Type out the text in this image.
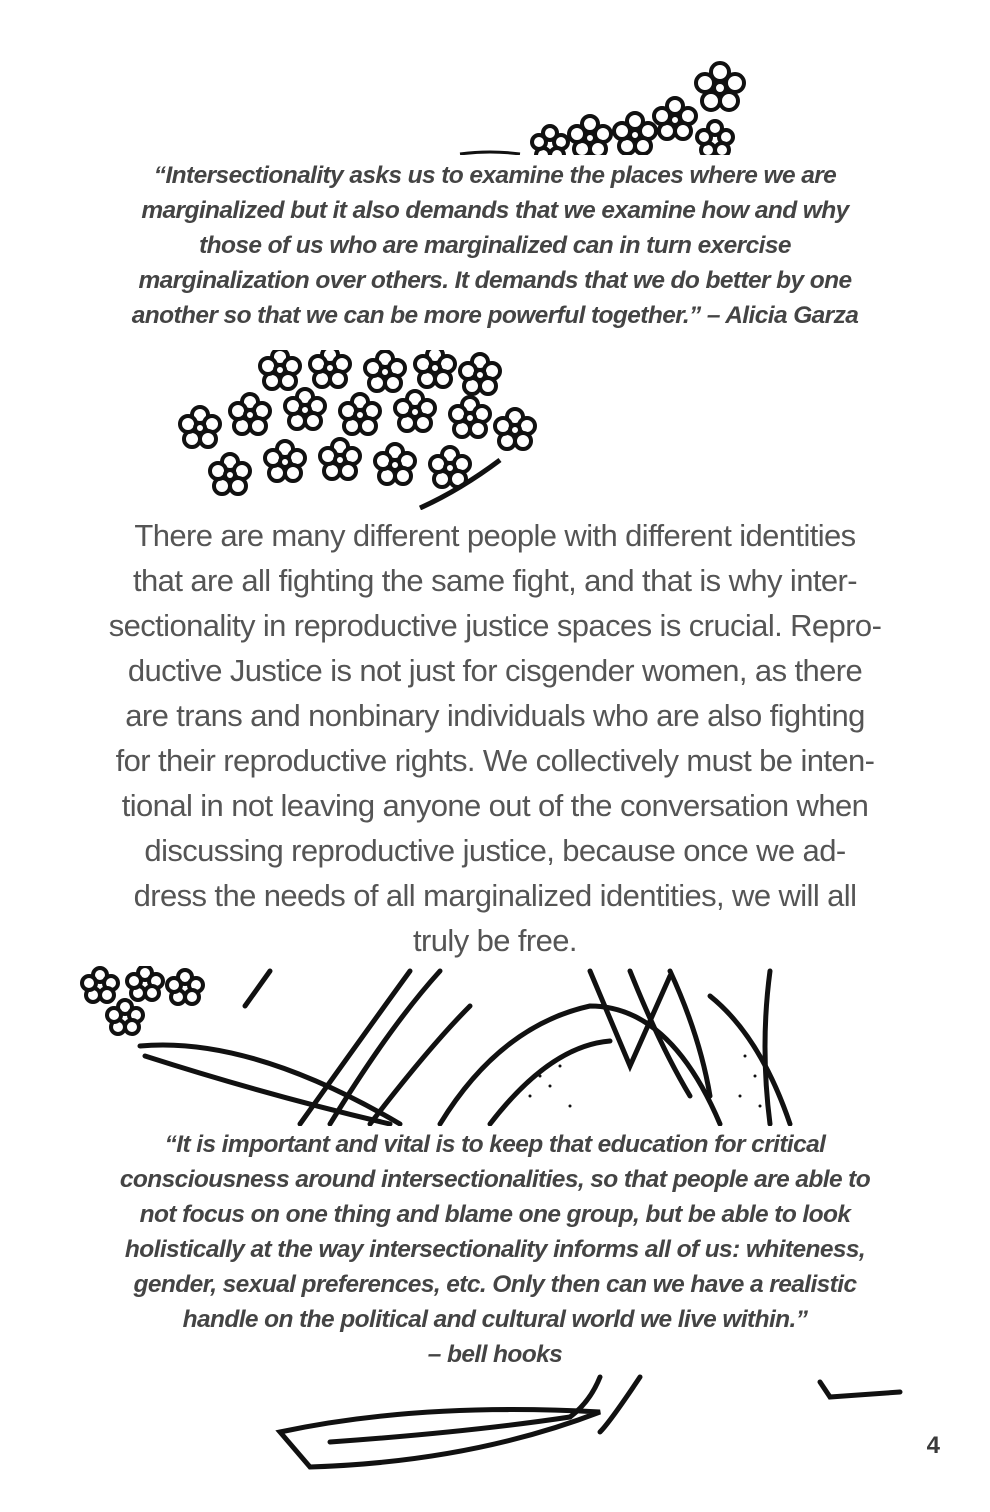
“Intersectionality asks us to examine the places where we are
marginalized but it also demands that we examine how and why
those of us who are marginalized can in turn exercise
marginalization over others. It demands that we do better by one
another so that we can be more powerful together.” – Alicia Garza

There are many different people with different identities
that are all fighting the same fight, and that is why inter-
sectionality in reproductive justice spaces is crucial. Repro-
ductive Justice is not just for cisgender women, as there
are trans and nonbinary individuals who are also fighting
for their reproductive rights. We collectively must be inten-
tional in not leaving anyone out of the conversation when
discussing reproductive justice, because once we ad-
dress the needs of all marginalized identities, we will all
truly be free.

“It is important and vital is to keep that education for critical
consciousness around intersectionalities, so that people are able to
not focus on one thing and blame one group, but be able to look
holistically at the way intersectionality informs all of us: whiteness,
gender, sexual preferences, etc. Only then can we have a realistic
handle on the political and cultural world we live within.”
– bell hooks

4
